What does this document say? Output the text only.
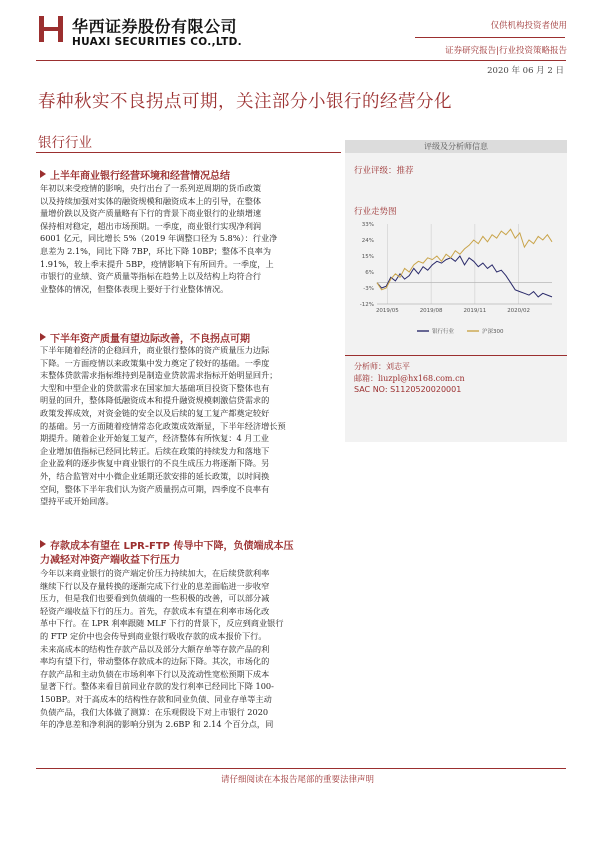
华西证券股份有限公司
HUAXI SECURITIES CO.,LTD.
仅供机构投资者使用
证券研究报告|行业投资策略报告
2020 年 06 月 2 日
春种秋实不良拐点可期，关注部分小银行的经营分化
银行行业
上半年商业银行经营环境和经营情况总结
年初以来受疫情的影响，央行出台了一系列逆周期的货币政策
以及持续加强对实体的融资规模和融资成本上的引导，在整体
量增价跌以及资产质量略有下行的背景下商业银行的业绩增速
保持相对稳定，超出市场预期。一季度，商业银行实现净利润
6001 亿元，同比增长 5%（2019 年调整口径为 5.8%）：行业净
息差为 2.1%，同比下降 7BP，环比下降 10BP；整体不良率为
1.91%，较上季末提升 5BP，疫情影响下有所回升。一季度，上
市银行的业绩、资产质量等指标在趋势上以及结构上均符合行
业整体的情况，但整体表现上要好于行业整体情况。
下半年资产质量有望边际改善，不良拐点可期
下半年随着经济的企稳回升，商业银行整体的资产质量压力边际
下降。一方面疫情以来政策集中发力奠定了较好的基础。一季度
末整体贷款需求指标维持到是制造业贷款需求指标开始明显回升；
大型和中型企业的贷款需求在国家加大基础项目投资下整体也有
明显的回升，整体降低融资成本和提升融资规模刺激信贷需求的
政策发挥成效，对资金链的安全以及后续的复工复产都奠定较好
的基础。另一方面随着疫情常态化政策成效渐显，下半年经济增长预
期提升。随着企业开始复工复产，经济整体有所恢复：4 月工业
企业增加值指标已经同比转正。后续在政策的持续发力和落地下
企业盈利的逐步恢复中商业银行的不良生成压力将逐渐下降。另
外，结合监管对中小微企业延期还款安排的延长政策，以时间换
空间，整体下半年我们认为资产质量拐点可期，四季度不良率有
望持平或开始回落。
存款成本有望在 LPR-FTP 传导中下降，负债端成本压
力减轻对冲资产端收益下行压力
今年以来商业银行的资产端定价压力持续加大，在后续贷款利率
继续下行以及存量转换的逐渐完成下行业的息差面临进一步收窄
压力，但是我们也要看到负债端的一些积极的改善，可以部分减
轻资产端收益下行的压力。首先，存款成本有望在利率市场化改
革中下行。在 LPR 利率跟随 MLF 下行的背景下，反应到商业银行
的 FTP 定价中也会传导到商业银行吸收存款的成本报价下行。
未来高成本的结构性存款产品以及部分大额存单等存款产品的利
率均有望下行，带动整体存款成本的边际下降。其次，市场化的
存款产品和主动负债在市场利率下行以及流动性宽松预期下成本
显著下行。整体来看目前同业存款的发行利率已经同比下降 100-
150BP。对于高成本的结构性存款和同业负债、同业存单等主动
负债产品，我们大体做了测算：在乐观假设下对上市银行 2020
年的净息差和净利润的影响分别为 2.6BP 和 2.14 个百分点，同
评级及分析师信息
行业评级：推荐
行业走势图
33%
24%
15%
6%
-3%
-12%
2019/05	2019/08	2019/11	2020/02
银行行业	沪深300
分析师：刘志平
邮箱：liuzpl@hx168.com.cn
SAC NO: S1120520020001
请仔细阅读在本报告尾部的重要法律声明
